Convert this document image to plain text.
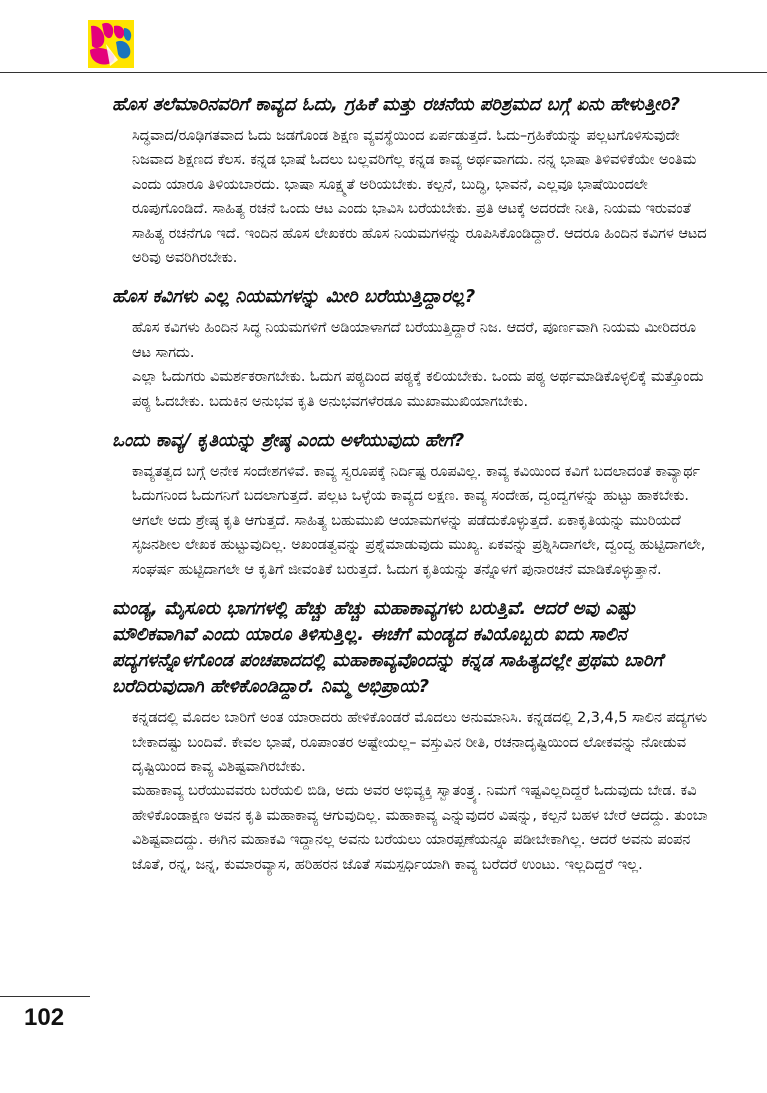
ಹೊಸ ತಲೆಮಾರಿನವರಿಗೆ ಕಾವ್ಯದ ಓದು, ಗ್ರಹಿಕೆ ಮತ್ತು ರಚನೆಯ ಪರಿಶ್ರಮದ ಬಗ್ಗೆ ಏನು ಹೇಳುತ್ತೀರಿ?

ಸಿದ್ಧವಾದ/ರೂಢಿಗತವಾದ ಓದು ಜಡಗೊಂಡ ಶಿಕ್ಷಣ ವ್ಯವಸ್ಥೆಯಿಂದ ಏರ್ಪಡುತ್ತದೆ. ಓದು–ಗ್ರಹಿಕೆಯನ್ನು ಪಲ್ಲಟಗೊಳಿಸುವುದೇ ನಿಜವಾದ ಶಿಕ್ಷಣದ ಕೆಲಸ. ಕನ್ನಡ ಭಾಷೆ ಓದಲು ಬಲ್ಲವರಿಗೆಲ್ಲ ಕನ್ನಡ ಕಾವ್ಯ ಅರ್ಥವಾಗದು. ನನ್ನ ಭಾಷಾ ತಿಳಿವಳಿಕೆಯೇ ಅಂತಿಮ ಎಂದು ಯಾರೂ ತಿಳಿಯಬಾರದು. ಭಾಷಾ ಸೂಕ್ಷ್ಮತೆ ಅರಿಯಬೇಕು. ಕಲ್ಪನೆ, ಬುದ್ಧಿ, ಭಾವನೆ, ಎಲ್ಲವೂ ಭಾಷೆಯಿಂದಲೇ ರೂಪುಗೊಂಡಿದೆ. ಸಾಹಿತ್ಯ ರಚನೆ ಒಂದು ಆಟ ಎಂದು ಭಾವಿಸಿ ಬರೆಯಬೇಕು. ಪ್ರತಿ ಆಟಕ್ಕೆ ಅದರದೇ ನೀತಿ, ನಿಯಮ ಇರುವಂತೆ ಸಾಹಿತ್ಯ ರಚನೆಗೂ ಇದೆ. ಇಂದಿನ ಹೊಸ ಲೇಖಕರು ಹೊಸ ನಿಯಮಗಳನ್ನು ರೂಪಿಸಿಕೊಂಡಿದ್ದಾರೆ. ಆದರೂ ಹಿಂದಿನ ಕವಿಗಳ ಆಟದ ಅರಿವು ಅವರಿಗಿರಬೇಕು.

ಹೊಸ ಕವಿಗಳು ಎಲ್ಲ ನಿಯಮಗಳನ್ನು ಮೀರಿ ಬರೆಯುತ್ತಿದ್ದಾರಲ್ಲ?

ಹೊಸ ಕವಿಗಳು ಹಿಂದಿನ ಸಿದ್ಧ ನಿಯಮಗಳಿಗೆ ಅಡಿಯಾಳಾಗದೆ ಬರೆಯುತ್ತಿದ್ದಾರೆ ನಿಜ. ಆದರೆ, ಪೂರ್ಣವಾಗಿ ನಿಯಮ ಮೀರಿದರೂ ಆಟ ಸಾಗದು.

ಎಲ್ಲಾ ಓದುಗರು ವಿಮರ್ಶಕರಾಗಬೇಕು. ಓದುಗ ಪಠ್ಯದಿಂದ ಪಠ್ಯಕ್ಕೆ ಕಲಿಯಬೇಕು. ಒಂದು ಪಠ್ಯ ಅರ್ಥಮಾಡಿಕೊಳ್ಳಲಿಕ್ಕೆ ಮತ್ತೊಂದು ಪಠ್ಯ ಓದಬೇಕು. ಬದುಕಿನ ಅನುಭವ ಕೃತಿ ಅನುಭವಗಳೆರಡೂ ಮುಖಾಮುಖಿಯಾಗಬೇಕು.

ಒಂದು ಕಾವ್ಯ/ ಕೃತಿಯನ್ನು ಶ್ರೇಷ್ಠ ಎಂದು ಅಳೆಯುವುದು ಹೇಗೆ?

ಕಾವ್ಯತತ್ವದ ಬಗ್ಗೆ ಅನೇಕ ಸಂದೇಶಗಳಿವೆ. ಕಾವ್ಯ ಸ್ವರೂಪಕ್ಕೆ ನಿರ್ದಿಷ್ಟ ರೂಪವಿಲ್ಲ. ಕಾವ್ಯ ಕವಿಯಿಂದ ಕವಿಗೆ ಬದಲಾದಂತೆ ಕಾವ್ಯಾರ್ಥ ಓದುಗನಿಂದ ಓದುಗನಿಗೆ ಬದಲಾಗುತ್ತದೆ. ಪಲ್ಲಟ ಒಳ್ಳೆಯ ಕಾವ್ಯದ ಲಕ್ಷಣ. ಕಾವ್ಯ ಸಂದೇಹ, ದ್ವಂದ್ವಗಳನ್ನು ಹುಟ್ಟು ಹಾಕಬೇಕು. ಆಗಲೇ ಅದು ಶ್ರೇಷ್ಠ ಕೃತಿ ಆಗುತ್ತದೆ. ಸಾಹಿತ್ಯ ಬಹುಮುಖಿ ಆಯಾಮಗಳನ್ನು ಪಡೆದುಕೊಳ್ಳುತ್ತದೆ. ಏಕಾಕೃತಿಯನ್ನು ಮುರಿಯದೆ ಸೃಜನಶೀಲ ಲೇಖಕ ಹುಟ್ಟುವುದಿಲ್ಲ. ಅಖಂಡತ್ವವನ್ನು ಪ್ರಶ್ನೆಮಾಡುವುದು ಮುಖ್ಯ. ಏಕವನ್ನು ಪ್ರಶ್ನಿಸಿದಾಗಲೇ, ದ್ವಂದ್ವ ಹುಟ್ಟಿದಾಗಲೇ, ಸಂಘರ್ಷ ಹುಟ್ಟಿದಾಗಲೇ ಆ ಕೃತಿಗೆ ಜೀವಂತಿಕೆ ಬರುತ್ತದೆ. ಓದುಗ ಕೃತಿಯನ್ನು ತನ್ನೊಳಗೆ ಪುನಾರಚನೆ ಮಾಡಿಕೊಳ್ಳುತ್ತಾನೆ.

ಮಂಡ್ಯ, ಮೈಸೂರು ಭಾಗಗಳಲ್ಲಿ ಹೆಚ್ಚು ಹೆಚ್ಚು ಮಹಾಕಾವ್ಯಗಳು ಬರುತ್ತಿವೆ. ಆದರೆ ಅವು ಎಷ್ಟು ಮೌಲಿಕವಾಗಿವೆ ಎಂದು ಯಾರೂ ತಿಳಿಸುತ್ತಿಲ್ಲ. ಈಚೆಗೆ ಮಂಡ್ಯದ ಕವಿಯೊಬ್ಬರು ಐದು ಸಾಲಿನ ಪದ್ಯಗಳನ್ನೊಳಗೊಂಡ ಪಂಚಪಾದದಲ್ಲಿ ಮಹಾಕಾವ್ಯವೊಂದನ್ನು ಕನ್ನಡ ಸಾಹಿತ್ಯದಲ್ಲೇ ಪ್ರಥಮ ಬಾರಿಗೆ ಬರೆದಿರುವುದಾಗಿ ಹೇಳಿಕೊಂಡಿದ್ದಾರೆ. ನಿಮ್ಮ ಅಭಿಪ್ರಾಯ?

ಕನ್ನಡದಲ್ಲಿ ಮೊದಲ ಬಾರಿಗೆ ಅಂತ ಯಾರಾದರು ಹೇಳಿಕೊಂಡರೆ ಮೊದಲು ಅನುಮಾನಿಸಿ. ಕನ್ನಡದಲ್ಲಿ 2,3,4,5 ಸಾಲಿನ ಪದ್ಯಗಳು ಬೇಕಾದಷ್ಟು ಬಂದಿವೆ. ಕೇವಲ ಭಾಷೆ, ರೂಪಾಂತರ ಅಷ್ಟೇಯಲ್ಲ– ವಸ್ತುವಿನ ರೀತಿ, ರಚನಾದೃಷ್ಟಿಯಿಂದ ಲೋಕವನ್ನು ನೋಡುವ ದೃಷ್ಟಿಯಿಂದ ಕಾವ್ಯ ವಿಶಿಷ್ಟವಾಗಿರಬೇಕು.

ಮಹಾಕಾವ್ಯ ಬರೆಯುವವರು ಬರೆಯಲಿ ಬಿಡಿ, ಅದು ಅವರ ಅಭಿವ್ಯಕ್ತಿ ಸ್ವಾತಂತ್ರ್ಯ. ನಿಮಗೆ ಇಷ್ಟವಿಲ್ಲದಿದ್ದರೆ ಓದುವುದು ಬೇಡ. ಕವಿ ಹೇಳಿಕೊಂಡಾಕ್ಷಣ ಅವನ ಕೃತಿ ಮಹಾಕಾವ್ಯ ಆಗುವುದಿಲ್ಲ. ಮಹಾಕಾವ್ಯ ಎನ್ನುವುದರ ವಿಷನ್ನು, ಕಲ್ಪನೆ ಬಹಳ ಬೇರೆ ಆದದ್ದು. ತುಂಬಾ ವಿಶಿಷ್ಟವಾದದ್ದು. ಈಗಿನ ಮಹಾಕವಿ ಇದ್ದಾನಲ್ಲ ಅವನು ಬರೆಯಲು ಯಾರಪ್ಪಣೆಯನ್ನೂ ಪಡೀಬೇಕಾಗಿಲ್ಲ. ಆದರೆ ಅವನು ಪಂಪನ ಜೊತೆ, ರನ್ನ, ಜನ್ನ, ಕುಮಾರವ್ಯಾಸ, ಹರಿಹರನ ಜೊತೆ ಸಮಸ್ಪರ್ಧಿಯಾಗಿ ಕಾವ್ಯ ಬರೆದರೆ ಉಂಟು. ಇಲ್ಲದಿದ್ದರೆ ಇಲ್ಲ.

102
